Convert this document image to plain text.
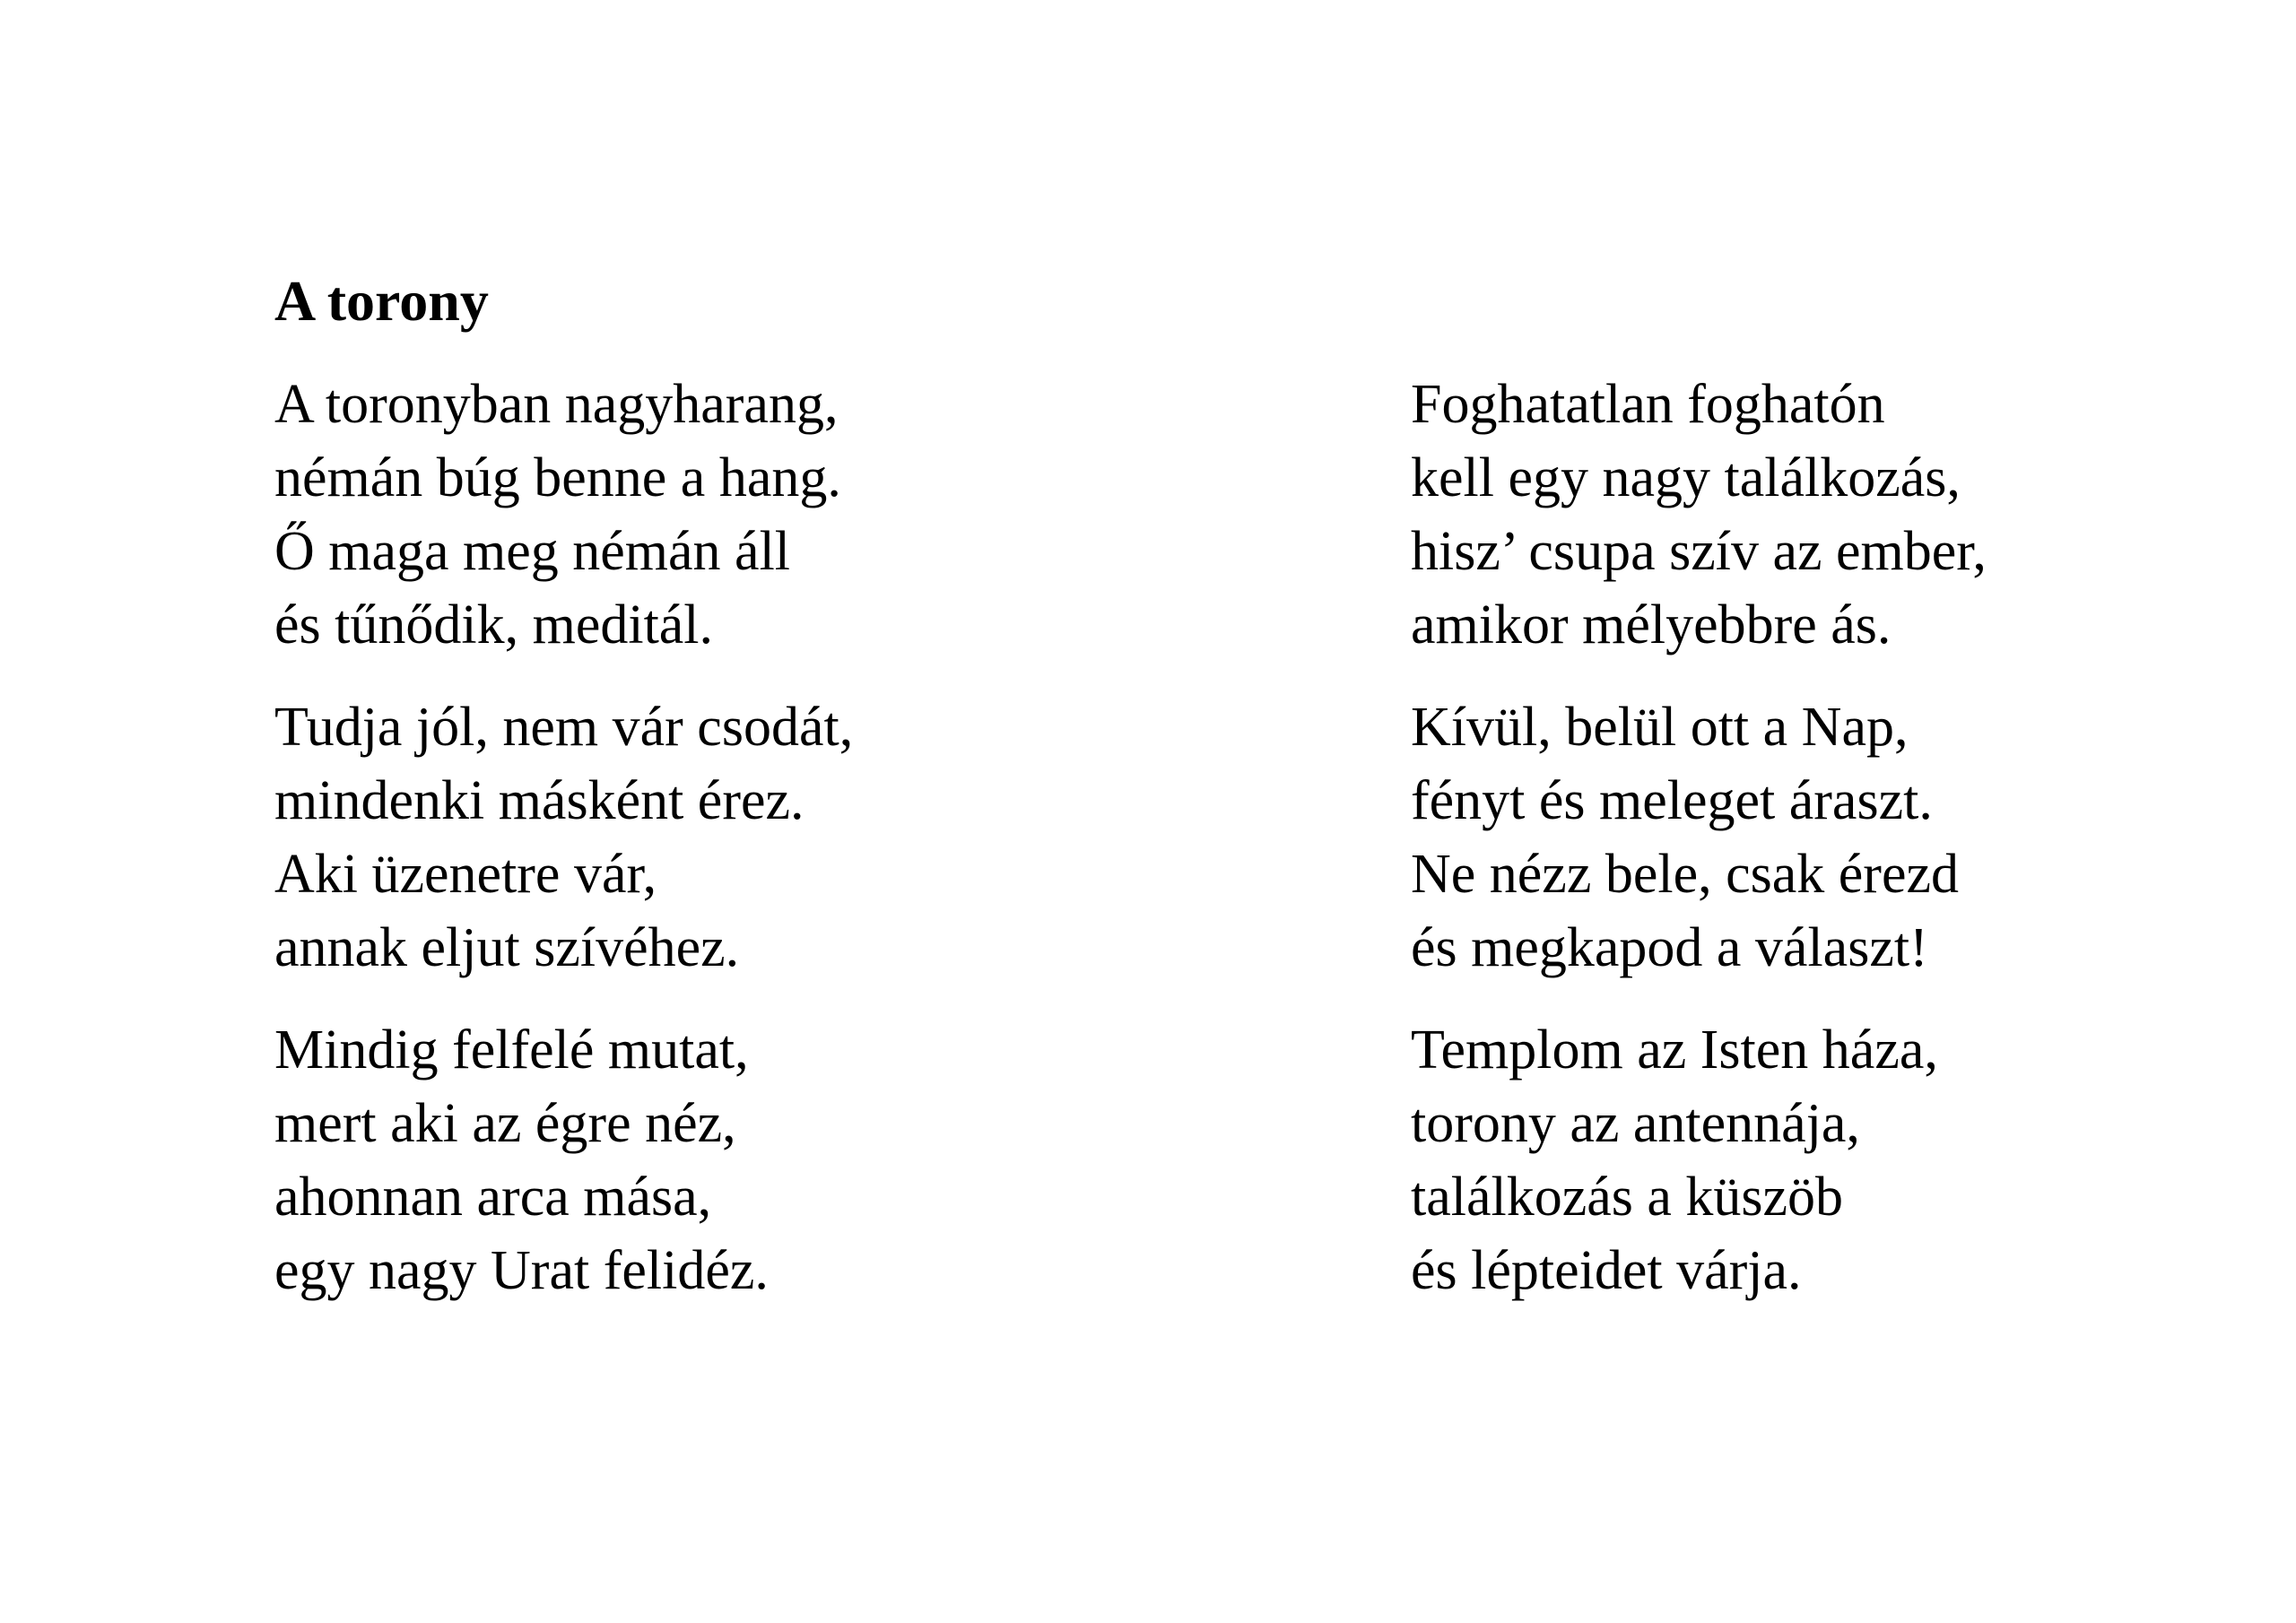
A torony
A toronyban nagyharang,
némán búg benne a hang.
Ő maga meg némán áll
és tűnődik, meditál.
Tudja jól, nem vár csodát,
mindenki másként érez.
Aki üzenetre vár,
annak eljut szívéhez.
Mindig felfelé mutat,
mert aki az égre néz,
ahonnan arca mása,
egy nagy Urat felidéz.
Foghatatlan foghatón
kell egy nagy találkozás,
hisz’ csupa szív az ember,
amikor mélyebbre ás.
Kívül, belül ott a Nap,
fényt és meleget áraszt.
Ne nézz bele, csak érezd
és megkapod a választ!
Templom az Isten háza,
torony az antennája,
találkozás a küszöb
és lépteidet várja.
